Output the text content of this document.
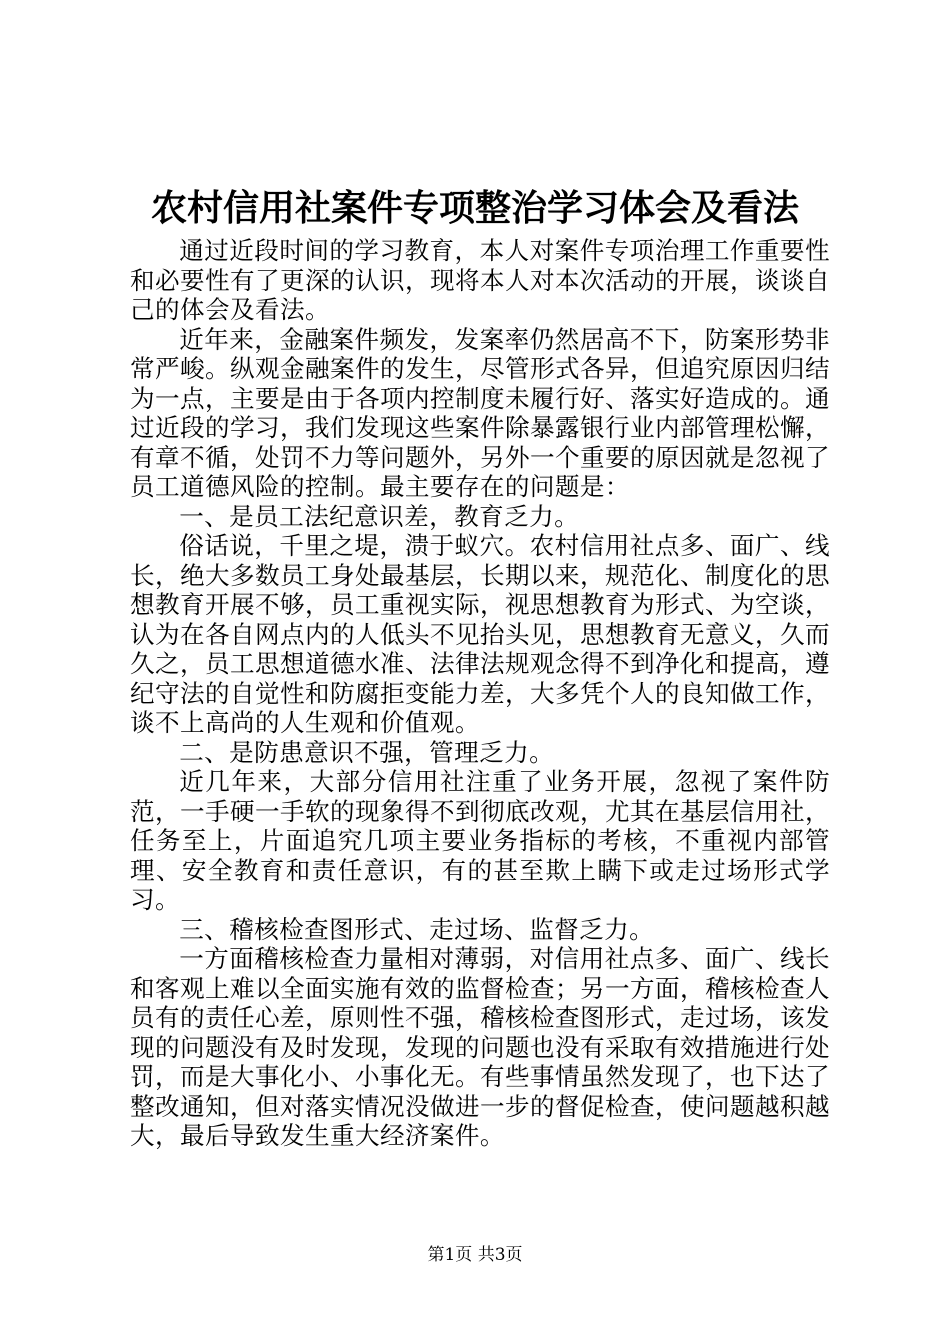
农村信用社案件专项整治学习体会及看法

通过近段时间的学习教育，本人对案件专项治理工作重要性和必要性有了更深的认识，现将本人对本次活动的开展，谈谈自己的体会及看法。

近年来，金融案件频发，发案率仍然居高不下，防案形势非常严峻。纵观金融案件的发生，尽管形式各异，但追究原因归结为一点，主要是由于各项内控制度未履行好、落实好造成的。通过近段的学习，我们发现这些案件除暴露银行业内部管理松懈，有章不循，处罚不力等问题外，另外一个重要的原因就是忽视了员工道德风险的控制。最主要存在的问题是：

一、是员工法纪意识差，教育乏力。

俗话说，千里之堤，溃于蚁穴。农村信用社点多、面广、线长，绝大多数员工身处最基层，长期以来，规范化、制度化的思想教育开展不够，员工重视实际，视思想教育为形式、为空谈，认为在各自网点内的人低头不见抬头见，思想教育无意义，久而久之，员工思想道德水准、法律法规观念得不到净化和提高，遵纪守法的自觉性和防腐拒变能力差，大多凭个人的良知做工作，谈不上高尚的人生观和价值观。

二、是防患意识不强，管理乏力。

近几年来，大部分信用社注重了业务开展，忽视了案件防范，一手硬一手软的现象得不到彻底改观，尤其在基层信用社，任务至上，片面追究几项主要业务指标的考核，不重视内部管理、安全教育和责任意识，有的甚至欺上瞒下或走过场形式学习。

三、稽核检查图形式、走过场、监督乏力。

一方面稽核检查力量相对薄弱，对信用社点多、面广、线长和客观上难以全面实施有效的监督检查；另一方面，稽核检查人员有的责任心差，原则性不强，稽核检查图形式，走过场，该发现的问题没有及时发现，发现的问题也没有采取有效措施进行处罚，而是大事化小、小事化无。有些事情虽然发现了，也下达了整改通知，但对落实情况没做进一步的督促检查，使问题越积越大，最后导致发生重大经济案件。

第1页 共3页
